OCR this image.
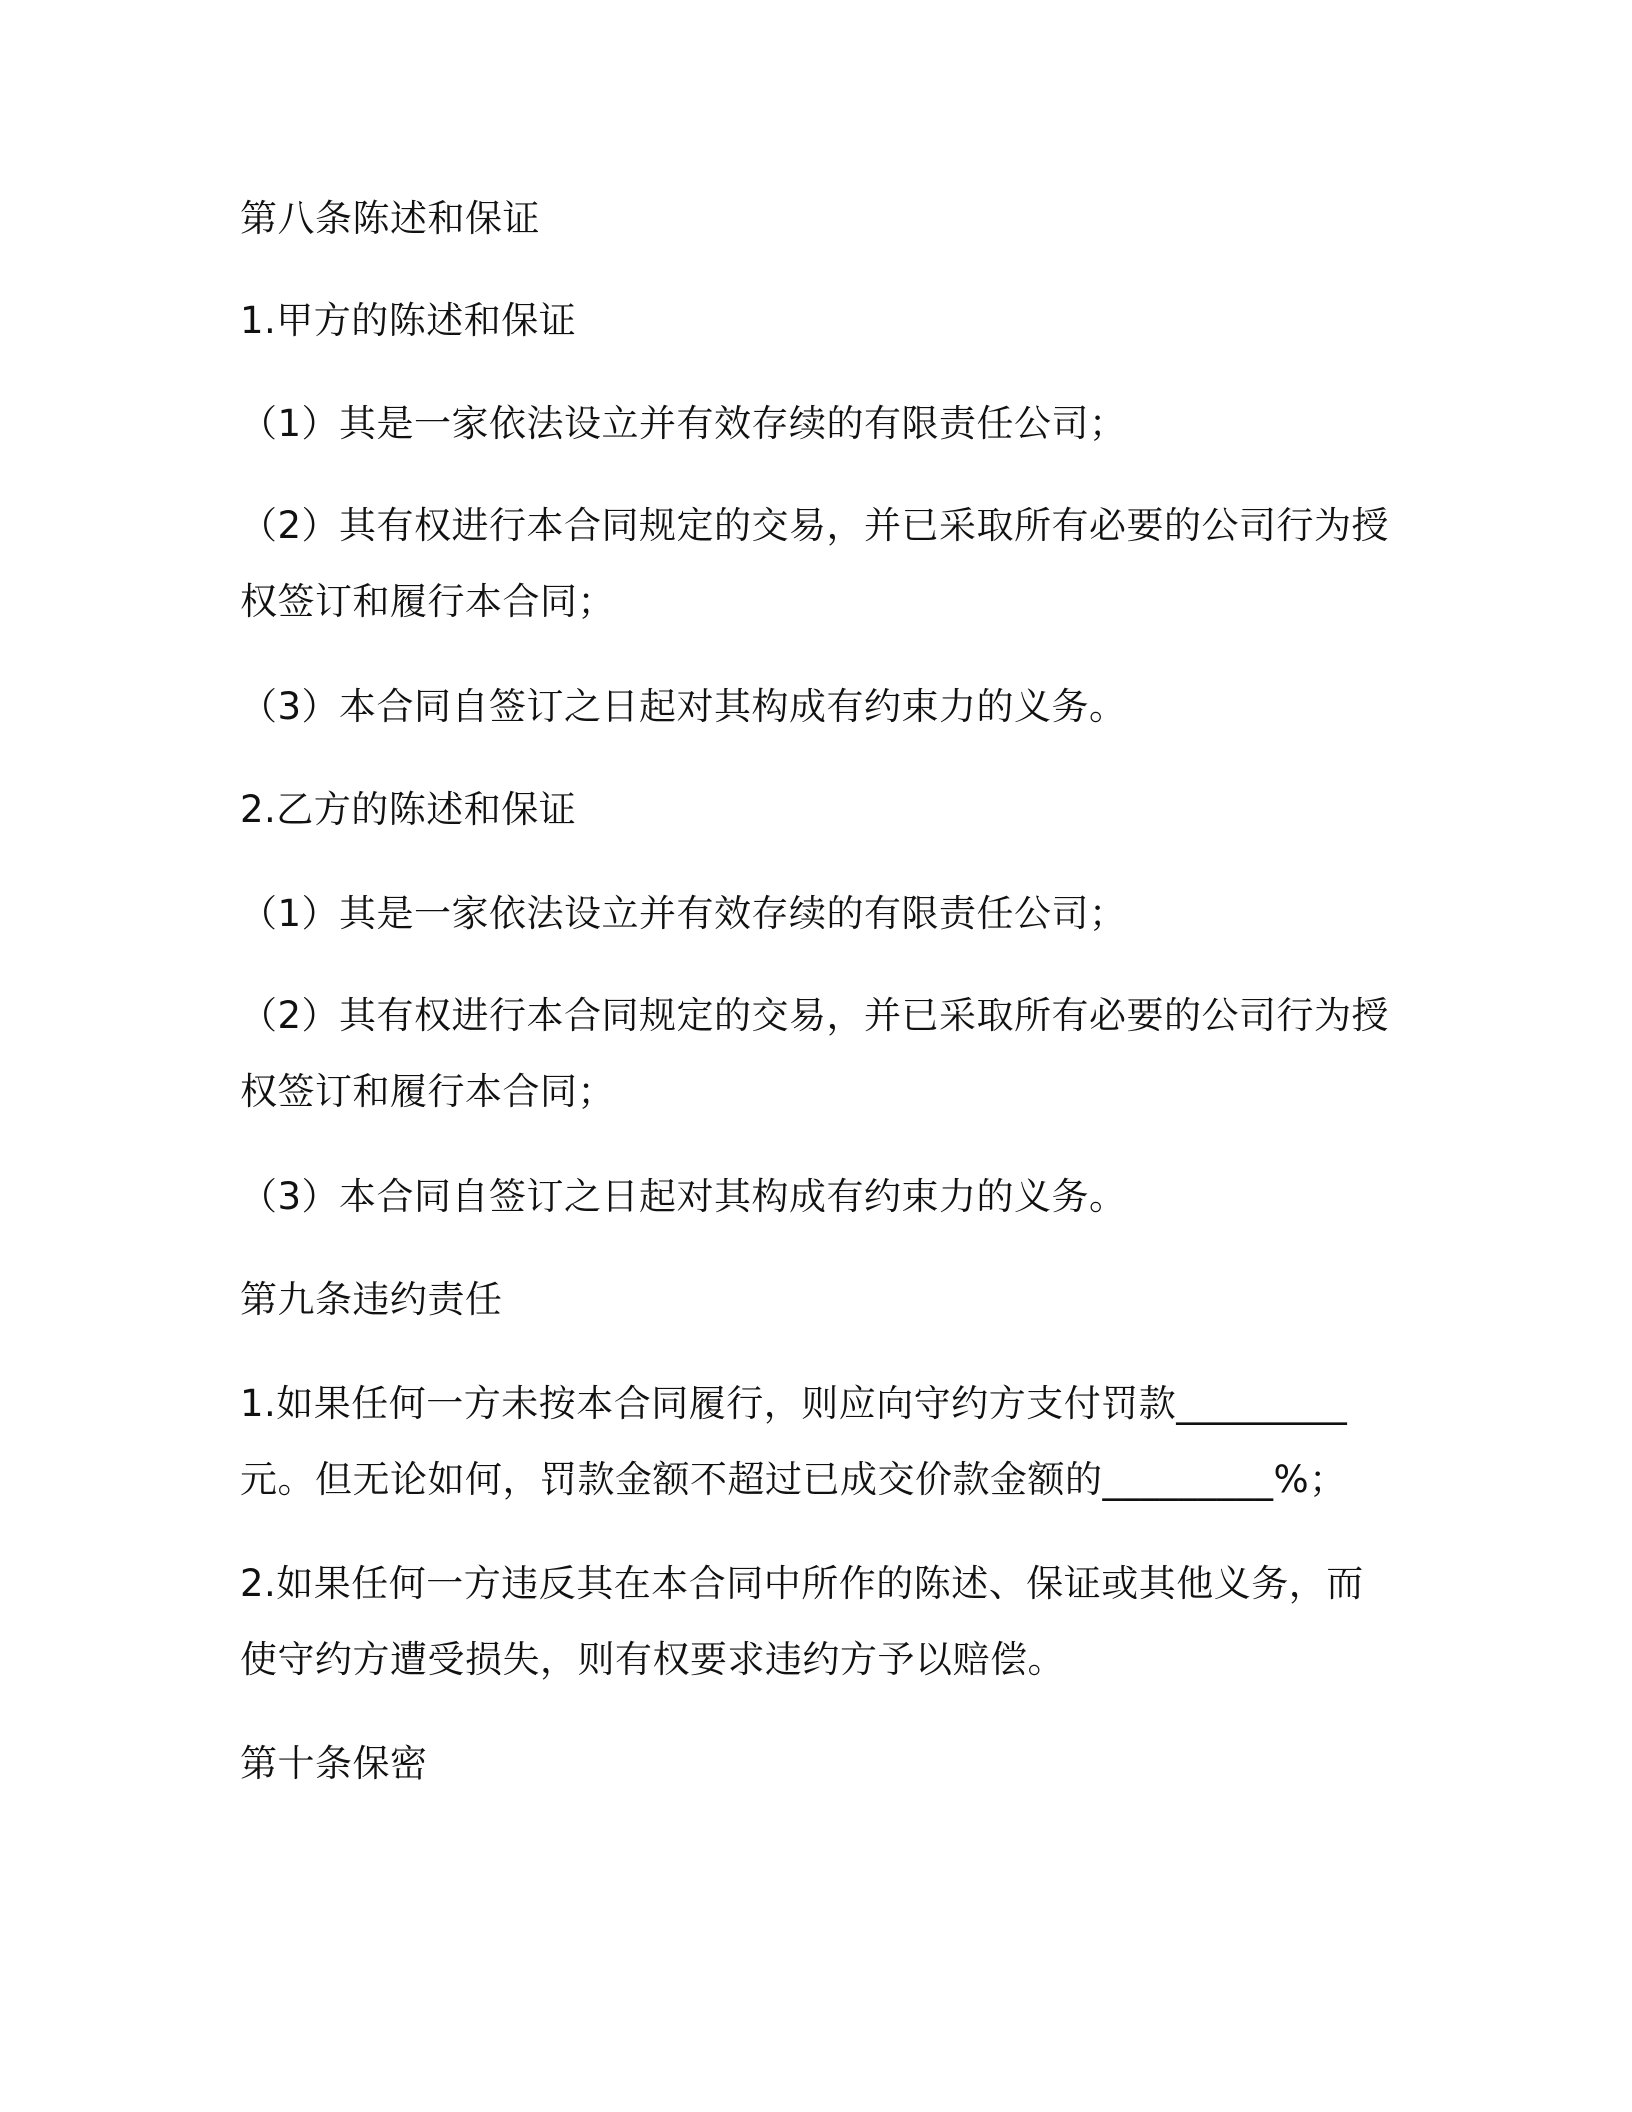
第八条陈述和保证
1.甲方的陈述和保证
（1）其是一家依法设立并有效存续的有限责任公司；
（2）其有权进行本合同规定的交易，并已采取所有必要的公司行为授
权签订和履行本合同；
（3）本合同自签订之日起对其构成有约束力的义务。
2.乙方的陈述和保证
（1）其是一家依法设立并有效存续的有限责任公司；
（2）其有权进行本合同规定的交易，并已采取所有必要的公司行为授
权签订和履行本合同；
（3）本合同自签订之日起对其构成有约束力的义务。
第九条违约责任
1.如果任何一方未按本合同履行，则应向守约方支付罚款_________
元。但无论如何，罚款金额不超过已成交价款金额的_________%；
2.如果任何一方违反其在本合同中所作的陈述、保证或其他义务，而
使守约方遭受损失，则有权要求违约方予以赔偿。
第十条保密
